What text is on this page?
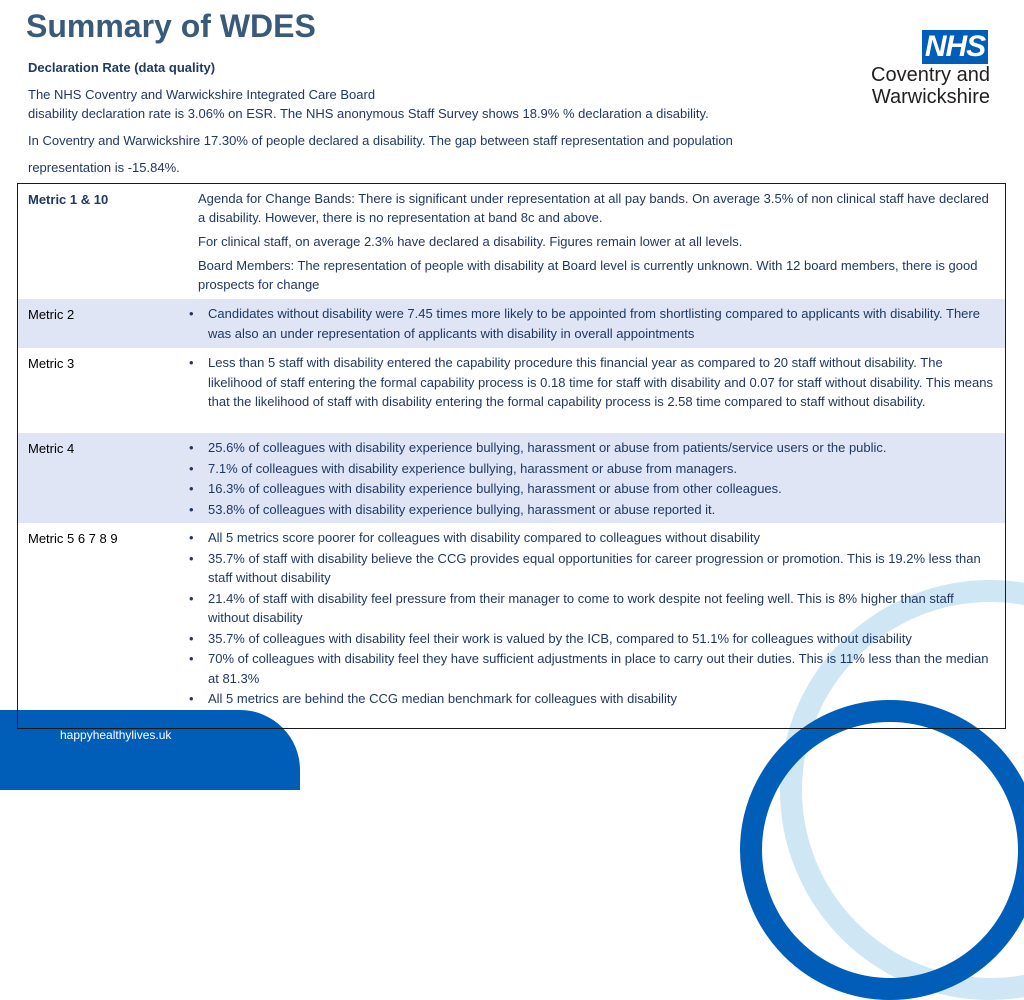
Summary of WDES
NHS
Coventry and
Warwickshire
Declaration Rate (data quality)
The NHS Coventry and Warwickshire Integrated Care Board
disability declaration rate is 3.06% on ESR. The NHS anonymous Staff Survey shows 18.9% % declaration a disability.
In Coventry and Warwickshire 17.30% of people declared a disability. The gap between staff representation and population
representation is -15.84%.
Metric 1 & 10	Agenda for Change Bands: There is significant under representation at all pay bands. On average 3.5% of non clinical staff have declared a disability. However, there is no representation at band 8c and above.

For clinical staff, on average 2.3% have declared a disability. Figures remain lower at all levels.

Board Members: The representation of people with disability at Board level is currently unknown. With 12 board members, there is good prospects for change

Metric 2	• Candidates without disability were 7.45 times more likely to be appointed from shortlisting compared to applicants with disability. There was also an under representation of applicants with disability in overall appointments
Metric 3	• Less than 5 staff with disability entered the capability procedure this financial year as compared to 20 staff without disability. The likelihood of staff entering the formal capability process is 0.18 time for staff with disability and 0.07 for staff without disability. This means that the likelihood of staff with disability entering the formal capability process is 2.58 time compared to staff without disability.
Metric 4	• 25.6% of colleagues with disability experience bullying, harassment or abuse from patients/service users or the public.
• 7.1% of colleagues with disability experience bullying, harassment or abuse from managers.
• 16.3% of colleagues with disability experience bullying, harassment or abuse from other colleagues.
• 53.8% of colleagues with disability experience bullying, harassment or abuse reported it.
Metric 5 6 7 8 9	• All 5 metrics score poorer for colleagues with disability compared to colleagues without disability
• 35.7% of staff with disability believe the CCG provides equal opportunities for career progression or promotion. This is 19.2% less than staff without disability
• 21.4% of staff with disability feel pressure from their manager to come to work despite not feeling well. This is 8% higher than staff without disability
• 35.7% of colleagues with disability feel their work is valued by the ICB, compared to 51.1% for colleagues without disability
• 70% of colleagues with disability feel they have sufficient adjustments in place to carry out their duties. This is 11% less than the median at 81.3%
• All 5 metrics are behind the CCG median benchmark for colleagues with disability
happyhealthylives.uk
